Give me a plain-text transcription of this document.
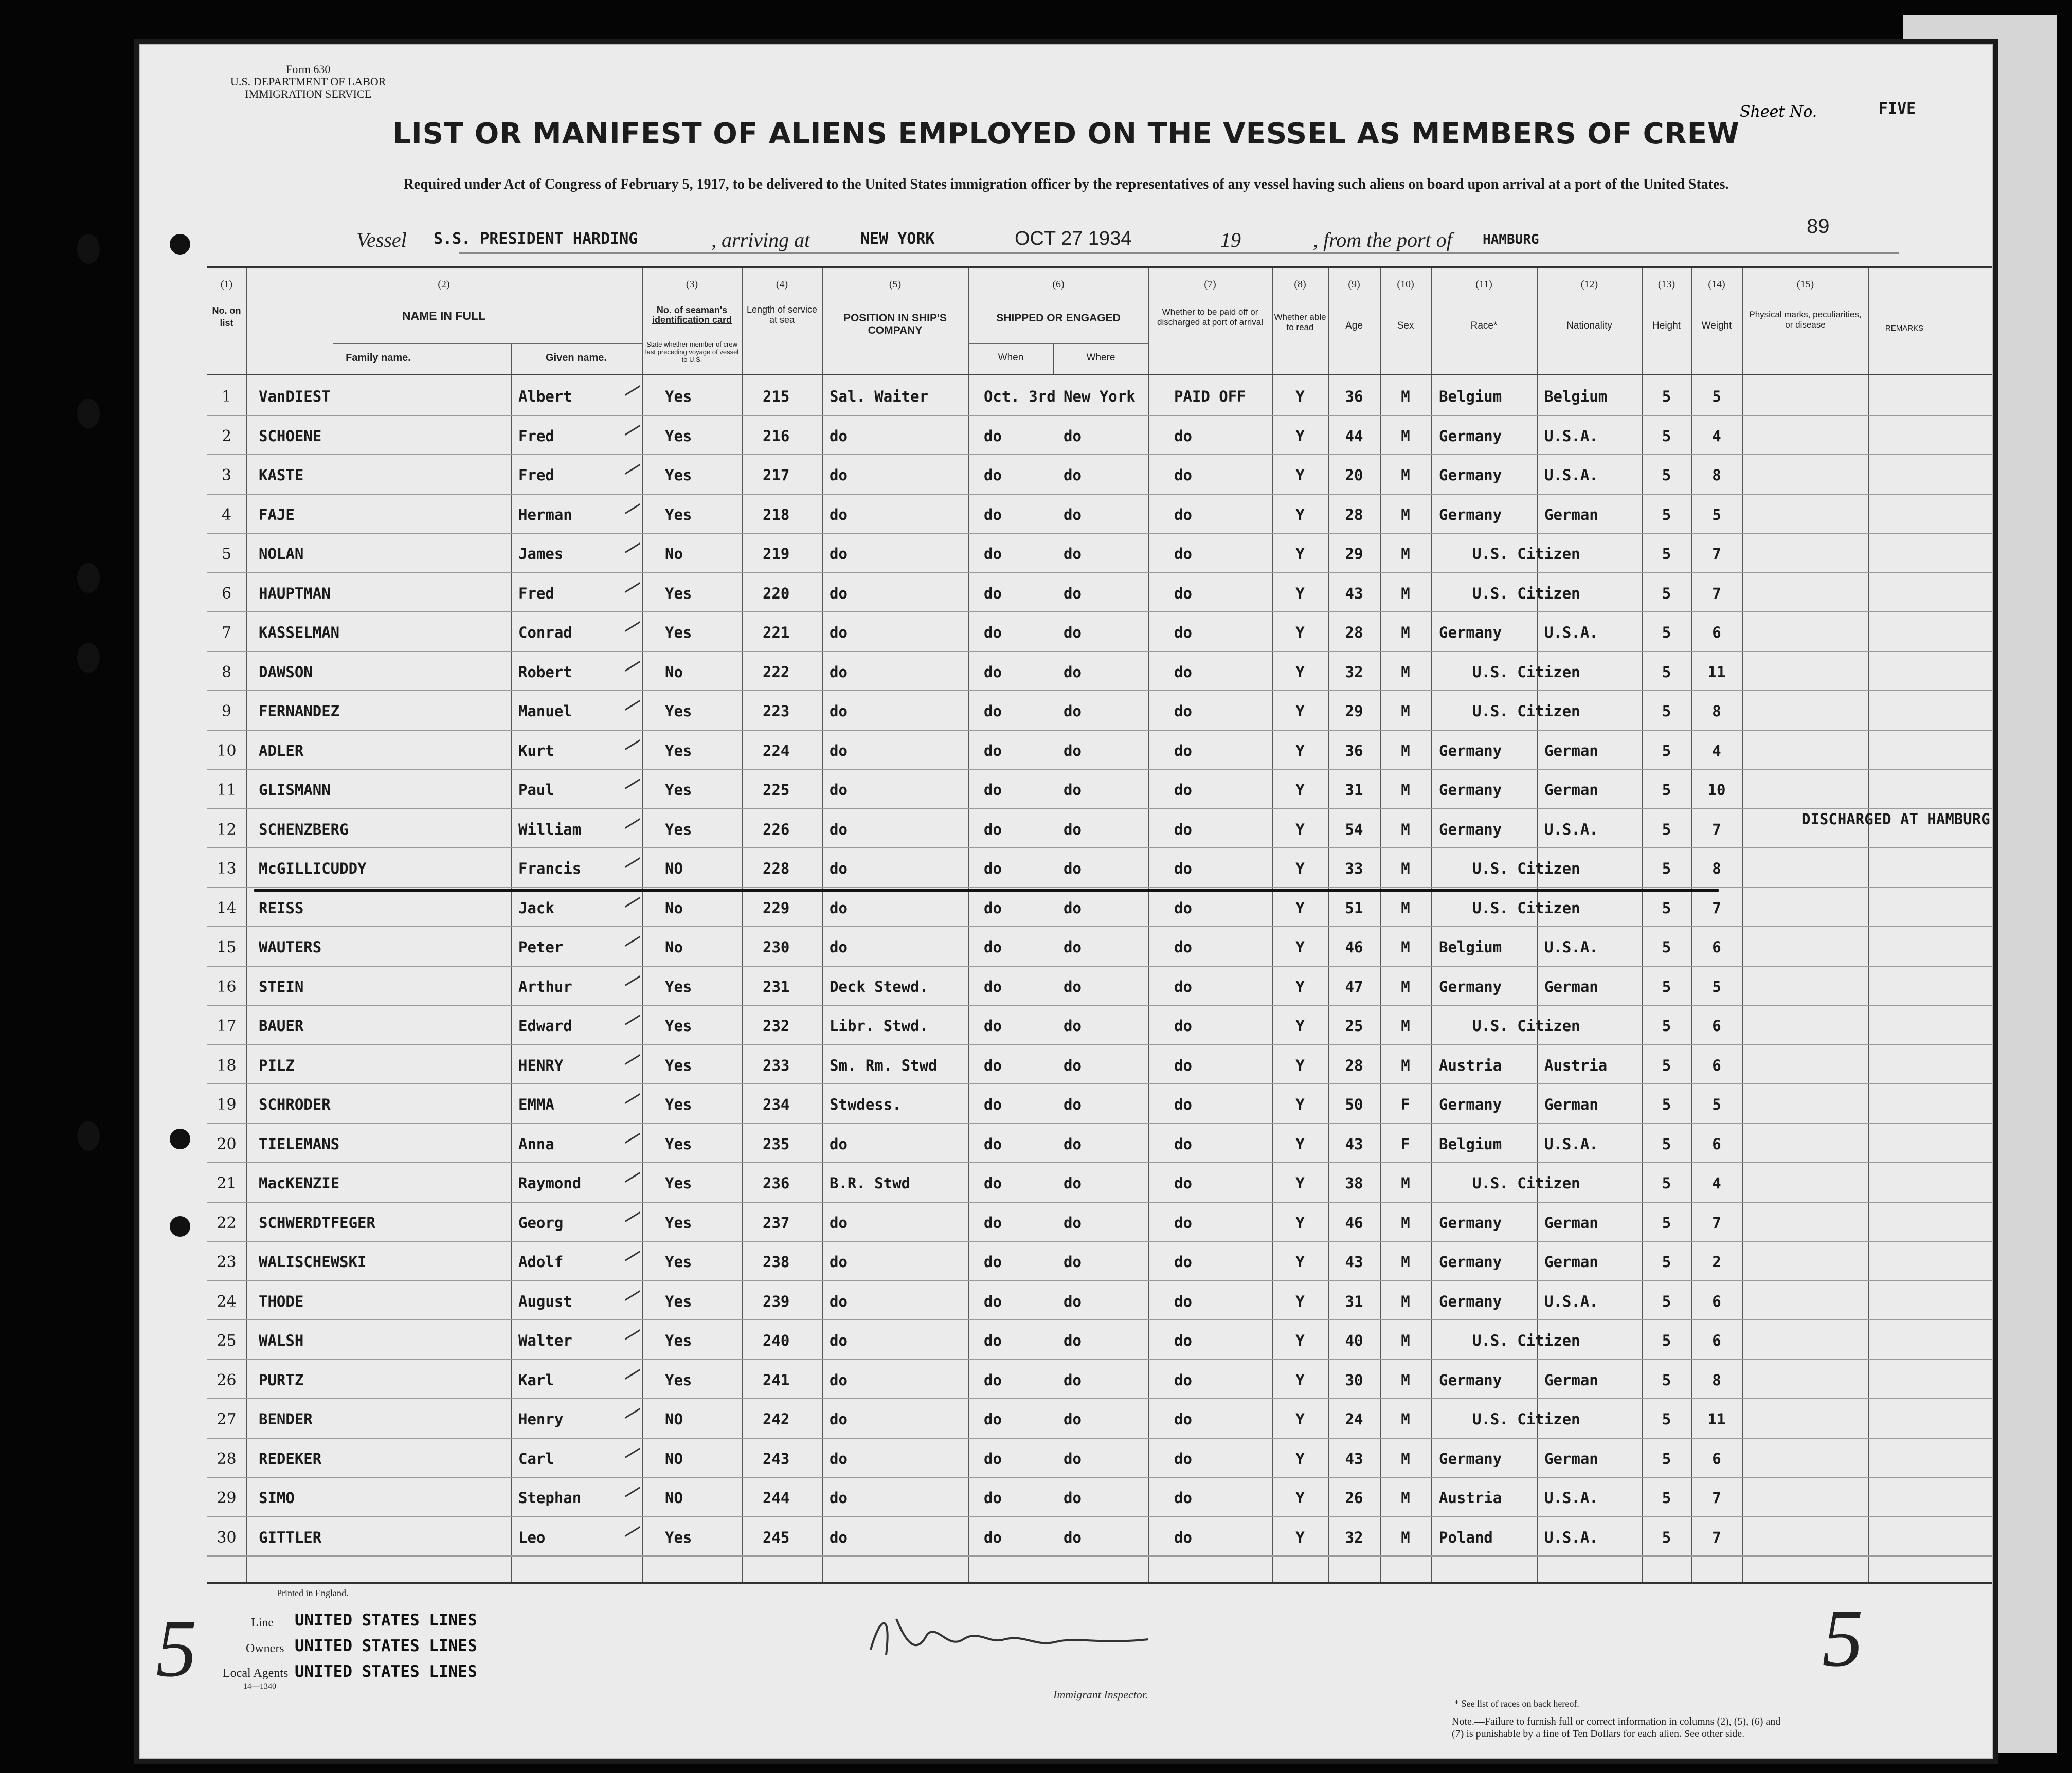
Form 630
U.S. DEPARTMENT OF LABOR
IMMIGRATION SERVICE
Sheet No.	FIVE
LIST OR MANIFEST OF ALIENS EMPLOYED ON THE VESSEL AS MEMBERS OF CREW
Required under Act of Congress of February 5, 1917, to be delivered to the United States immigration officer by the representatives of any vessel having such aliens on board upon arrival at a port of the United States.
89
Vessel S.S. PRESIDENT HARDING	, arriving at	NEW YORK	OCT 27 1934	19	, from the port of HAMBURG
(1)	(2)	(3)	(4)	(5)	(6)	(7)	(8)	(9)	(10)	(11)	(12)	(13)	(14)	(15)
No. on list
NAME IN FULL
Family name.	Given name.
No. of seaman's identification card
State whether member of crew last preceding voyage of vessel to U.S.
Length of service at sea	POSITION IN SHIP'S COMPANY
SHIPPED OR ENGAGED
When	Where
Whether to be paid off or discharged at port of arrival
Whether able to read	Age	Sex	Race*	Nationality	Height	Weight
Physical marks, peculiarities, or disease	REMARKS
1	VanDIEST	Albert	Yes	215	Sal. Waiter	Oct. 3rd New York	PAID OFF	Y	36	M	Belgium	Belgium	5	5
2	SCHOENE	Fred	Yes	216	do	do	do	do	Y	44	M	Germany	U.S.A.	5	4
3	KASTE	Fred	Yes	217	do	do	do	do	Y	20	M	Germany	U.S.A.	5	8
4	FAJE	Herman	Yes	218	do	do	do	do	Y	28	M	Germany	German	5	5
5	NOLAN	James	No	219	do	do	do	do	Y	29	M	U.S. Citizen	5	7
6	HAUPTMAN	Fred	Yes	220	do	do	do	do	Y	43	M	U.S. Citizen	5	7
7	KASSELMAN	Conrad	Yes	221	do	do	do	do	Y	28	M	Germany	U.S.A.	5	6
8	DAWSON	Robert	No	222	do	do	do	do	Y	32	M	U.S. Citizen	5	11
9	FERNANDEZ	Manuel	Yes	223	do	do	do	do	Y	29	M	U.S. Citizen	5	8
10	ADLER	Kurt	Yes	224	do	do	do	do	Y	36	M	Germany	German	5	4
11	GLISMANN	Paul	Yes	225	do	do	do	do	Y	31	M	Germany	German	5	10
12	SCHENZBERG	William	Yes	226	do	do	do	do	Y	54	M	Germany	U.S.A.	5	7
DISCHARGED AT HAMBURG
13	McGILLICUDDY	Francis	NO	228	do	do	do	do	Y	33	M	U.S. Citizen	5	8
14	REISS	Jack	No	229	do	do	do	do	Y	51	M	U.S. Citizen	5	7
15	WAUTERS	Peter	No	230	do	do	do	do	Y	46	M	Belgium	U.S.A.	5	6
16	STEIN	Arthur	Yes	231	Deck Stewd.	do	do	do	Y	47	M	Germany	German	5	5
17	BAUER	Edward	Yes	232	Libr. Stwd.	do	do	do	Y	25	M	U.S. Citizen	5	6
18	PILZ	HENRY	Yes	233	Sm. Rm. Stwd	do	do	do	Y	28	M	Austria	Austria	5	6
19	SCHRODER	EMMA	Yes	234	Stwdess.	do	do	do	Y	50	F	Germany	German	5	5
20	TIELEMANS	Anna	Yes	235	do	do	do	do	Y	43	F	Belgium	U.S.A.	5	6
21	MacKENZIE	Raymond	Yes	236	B.R. Stwd	do	do	do	Y	38	M	U.S. Citizen	5	4
22	SCHWERDTFEGER	Georg	Yes	237	do	do	do	do	Y	46	M	Germany	German	5	7
23	WALISCHEWSKI	Adolf	Yes	238	do	do	do	do	Y	43	M	Germany	German	5	2
24	THODE	August	Yes	239	do	do	do	do	Y	31	M	Germany	U.S.A.	5	6
25	WALSH	Walter	Yes	240	do	do	do	do	Y	40	M	U.S. Citizen	5	6
26	PURTZ	Karl	Yes	241	do	do	do	do	Y	30	M	Germany	German	5	8
27	BENDER	Henry	NO	242	do	do	do	do	Y	24	M	U.S. Citizen	5	11
28	REDEKER	Carl	NO	243	do	do	do	do	Y	43	M	Germany	German	5	6
29	SIMO	Stephan	NO	244	do	do	do	do	Y	26	M	Austria	U.S.A.	5	7
30	GITTLER	Leo	Yes	245	do	do	do	do	Y	32	M	Poland	U.S.A.	5	7
5	5
Printed in England.
Line UNITED STATES LINES
Owners UNITED STATES LINES
Local Agents UNITED STATES LINES
14—1340
Immigrant Inspector.
* See list of races on back hereof.
Note.—Failure to furnish full or correct information in columns (2), (5), (6) and (7) is punishable by a fine of Ten Dollars for each alien. See other side.
